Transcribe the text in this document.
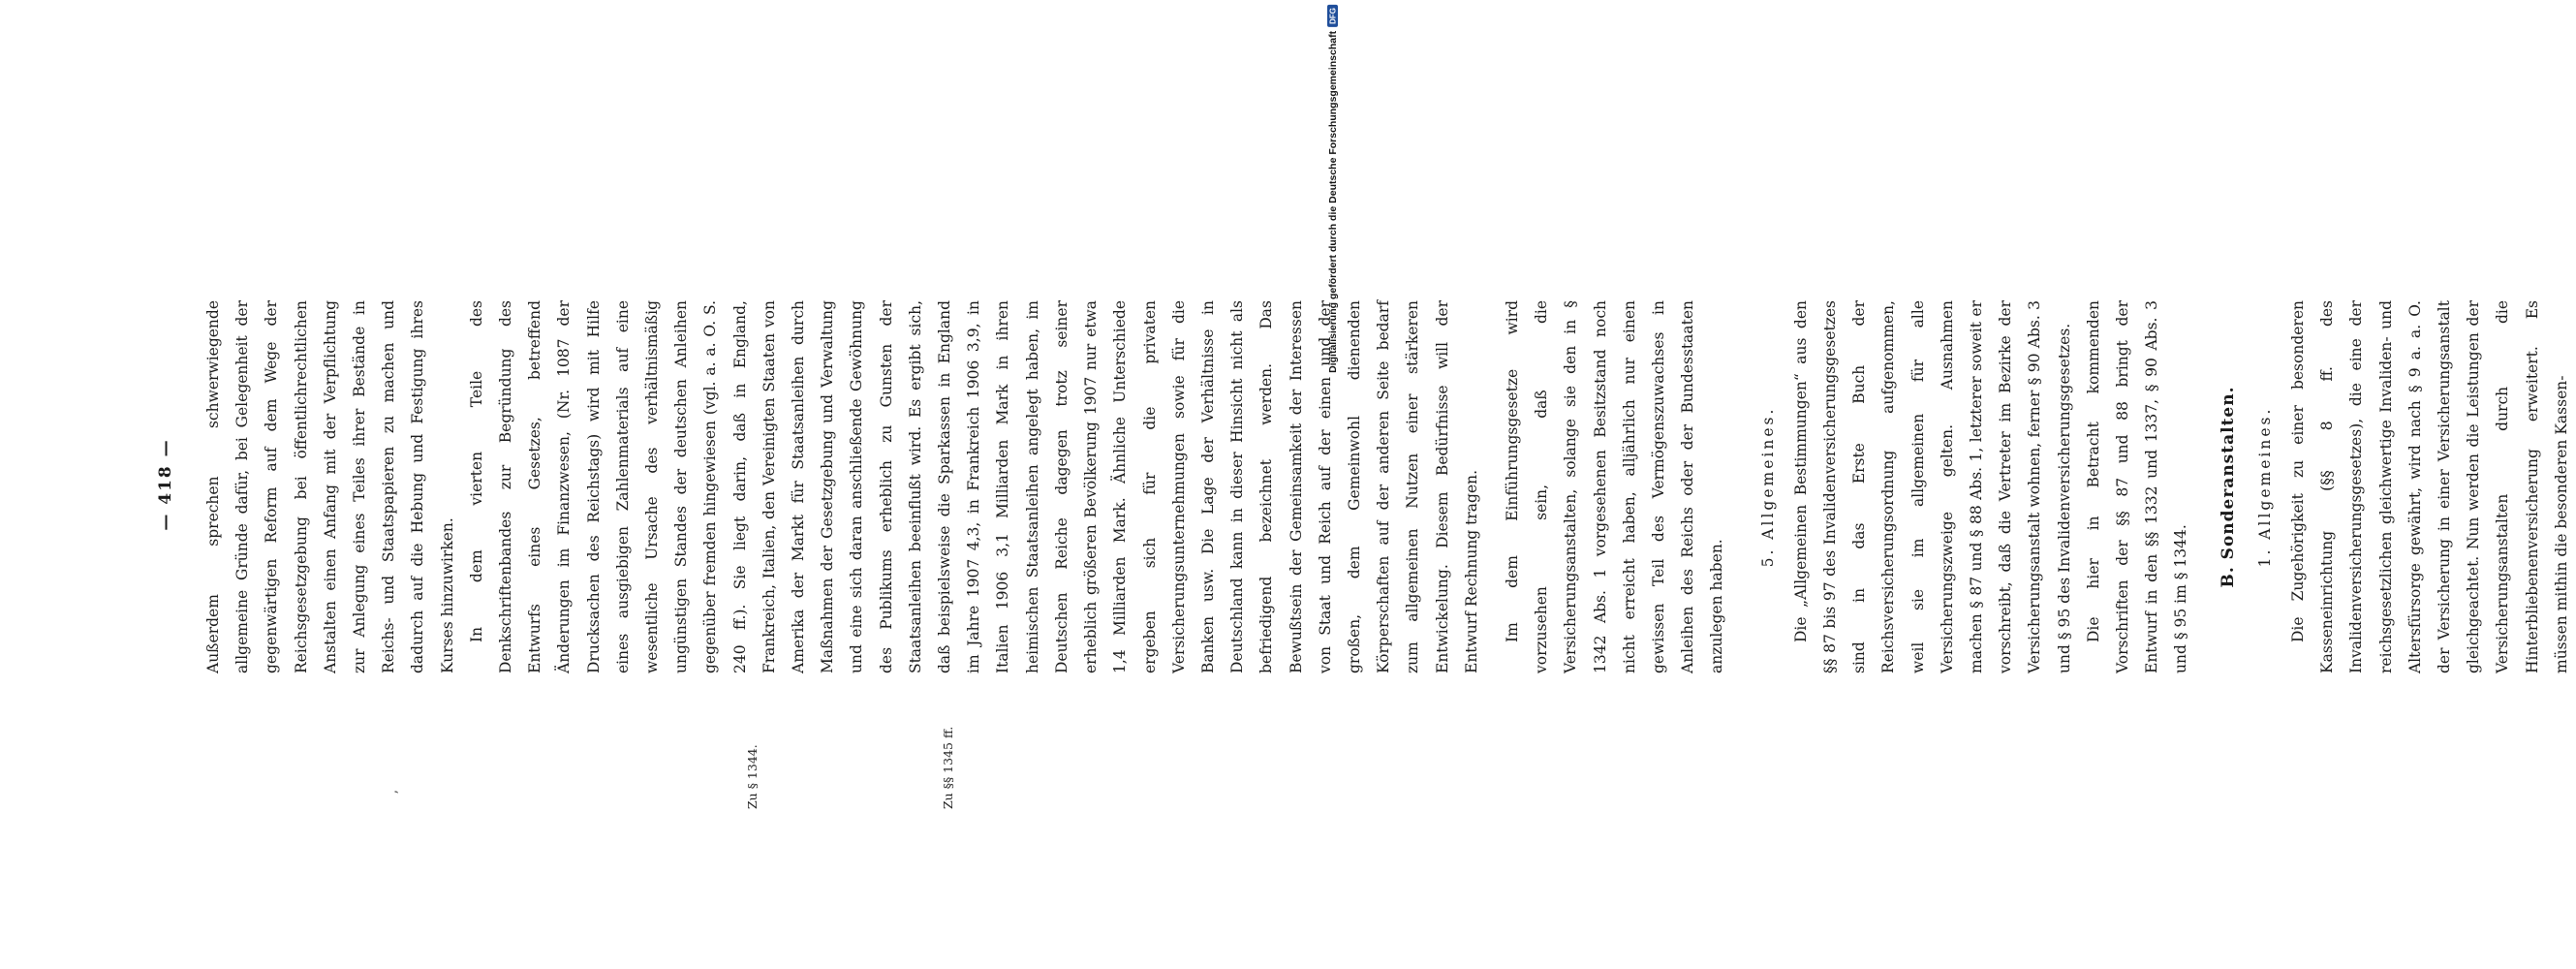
— 418 —
Zu § 1344.	Zu §§ 1345 ff.
ʼ

Außerdem sprechen schwerwiegende allgemeine Gründe dafür, bei Gelegenheit der gegenwärtigen Reform auf dem Wege der Reichsgesetzgebung bei öffentlichrechtlichen Anstalten einen Anfang mit der Verpflichtung zur Anlegung eines Teiles ihrer Bestände in Reichs- und Staatspapieren zu machen und dadurch auf die Hebung und Festigung ihres Kurses hinzuwirken. In dem vierten Teile des Denkschriftenbandes zur Begründung des Entwurfs eines Gesetzes, betreffend Änderungen im Finanzwesen, (Nr. 1087 der Drucksachen des Reichstags) wird mit Hilfe eines ausgiebigen Zahlenmaterials auf eine wesentliche Ursache des verhältnismäßig ungünstigen Standes der deutschen Anleihen gegenüber fremden hingewiesen (vgl. a. a. O. S. 240 ff.). Sie liegt darin, daß in England, Frankreich, Italien, den Vereinigten Staaten von Amerika der Markt für Staatsanleihen durch Maßnahmen der Gesetzgebung und Verwaltung und eine sich daran anschließende Gewöhnung des Publikums erheblich zu Gunsten der Staatsanleihen beeinflußt wird. Es ergibt sich, daß beispielsweise die Sparkassen in England im Jahre 1907 4,3, in Frankreich 1906 3,9, in Italien 1906 3,1 Milliarden Mark in ihren heimischen Staatsanleihen angelegt haben, im Deutschen Reiche dagegen trotz seiner erheblich größeren Bevölkerung 1907 nur etwa 1,4 Milliarden Mark. Ähnliche Unterschiede ergeben sich für die privaten Versicherungsunternehmungen sowie für die Banken usw. Die Lage der Verhältnisse in Deutschland kann in dieser Hinsicht nicht als befriedigend bezeichnet werden. Das Bewußtsein der Gemeinsamkeit der Interessen von Staat und Reich auf der einen und der großen, dem Gemeinwohl dienenden Körperschaften auf der anderen Seite bedarf zum allgemeinen Nutzen einer stärkeren Entwickelung. Diesem Bedürfnisse will der Entwurf Rechnung tragen.	Im dem Einführungsgesetze wird vorzusehen sein, daß die Versicherungsanstalten, solange sie den in § 1342 Abs. 1 vorgesehenen Besitzstand noch nicht erreicht haben, alljährlich nur einen gewissen Teil des Vermögenszuwachses in Anleihen des Reichs oder der Bundesstaaten anzulegen haben.

5. Allgemeines.	Die „Allgemeinen Bestimmungen“ aus den §§ 87 bis 97 des Invalidenversicherungsgesetzes sind in das Erste Buch der Reichsversicherungsordnung aufgenommen, weil sie im allgemeinen für alle Versicherungszweige gelten. Ausnahmen machen § 87 und § 88 Abs. 1, letzterer soweit er vorschreibt, daß die Vertreter im Bezirke der Versicherungsanstalt wohnen, ferner § 90 Abs. 3 und § 95 des Invalidenversicherungsgesetzes. Die hier in Betracht kommenden Vorschriften der §§ 87 und 88 bringt der Entwurf in den §§ 1332 und 1337, § 90 Abs. 3 und § 95 im § 1344.

B. Sonderanstalten.	1. Allgemeines.	Die Zugehörigkeit zu einer besonderen Kasseneinrichtung (§§ 8 ff. des Invalidenversicherungsgesetzes), die eine der reichsgesetzlichen gleichwertige Invaliden- und Altersfürsorge gewährt, wird nach § 9 a. a. O. der Versicherung in einer Versicherungsanstalt gleichgeachtet. Nun werden die Leistungen der Versicherungsanstalten durch die Hinterbliebenenversicherung erweitert. Es müssen mithin die besonderen Kassen-

Digitalisierung gefördert durch die Deutsche Forschungsgemeinschaft
DFG
